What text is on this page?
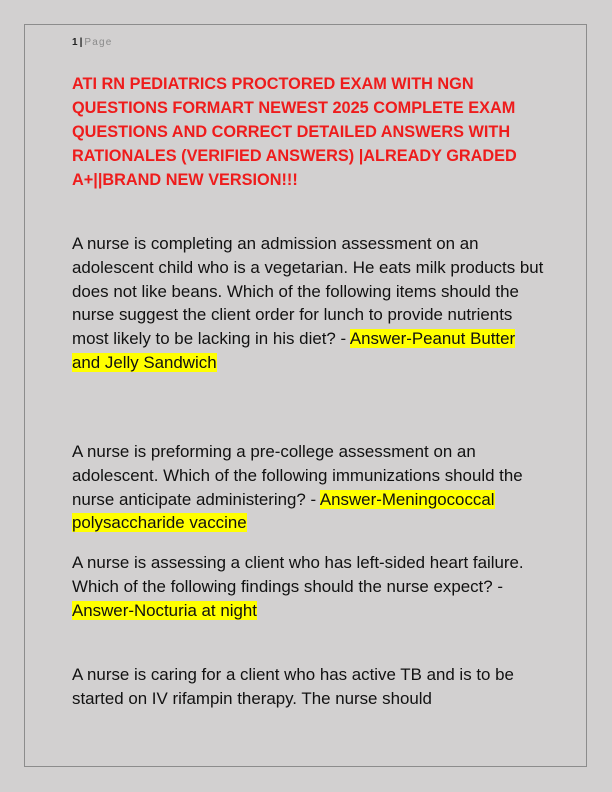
1 | Page
ATI RN PEDIATRICS PROCTORED EXAM WITH NGN QUESTIONS FORMART NEWEST 2025 COMPLETE EXAM QUESTIONS AND CORRECT DETAILED ANSWERS WITH RATIONALES (VERIFIED ANSWERS) |ALREADY GRADED A+||BRAND NEW VERSION!!!

A nurse is completing an admission assessment on an adolescent child who is a vegetarian. He eats milk products but does not like beans. Which of the following items should the nurse suggest the client order for lunch to provide nutrients most likely to be lacking in his diet? - Answer-Peanut Butter and Jelly Sandwich

A nurse is preforming a pre-college assessment on an adolescent. Which of the following immunizations should the nurse anticipate administering? - Answer-Meningococcal polysaccharide vaccine

A nurse is assessing a client who has left-sided heart failure. Which of the following findings should the nurse expect? - Answer-Nocturia at night

A nurse is caring for a client who has active TB and is to be started on IV rifampin therapy. The nurse should
